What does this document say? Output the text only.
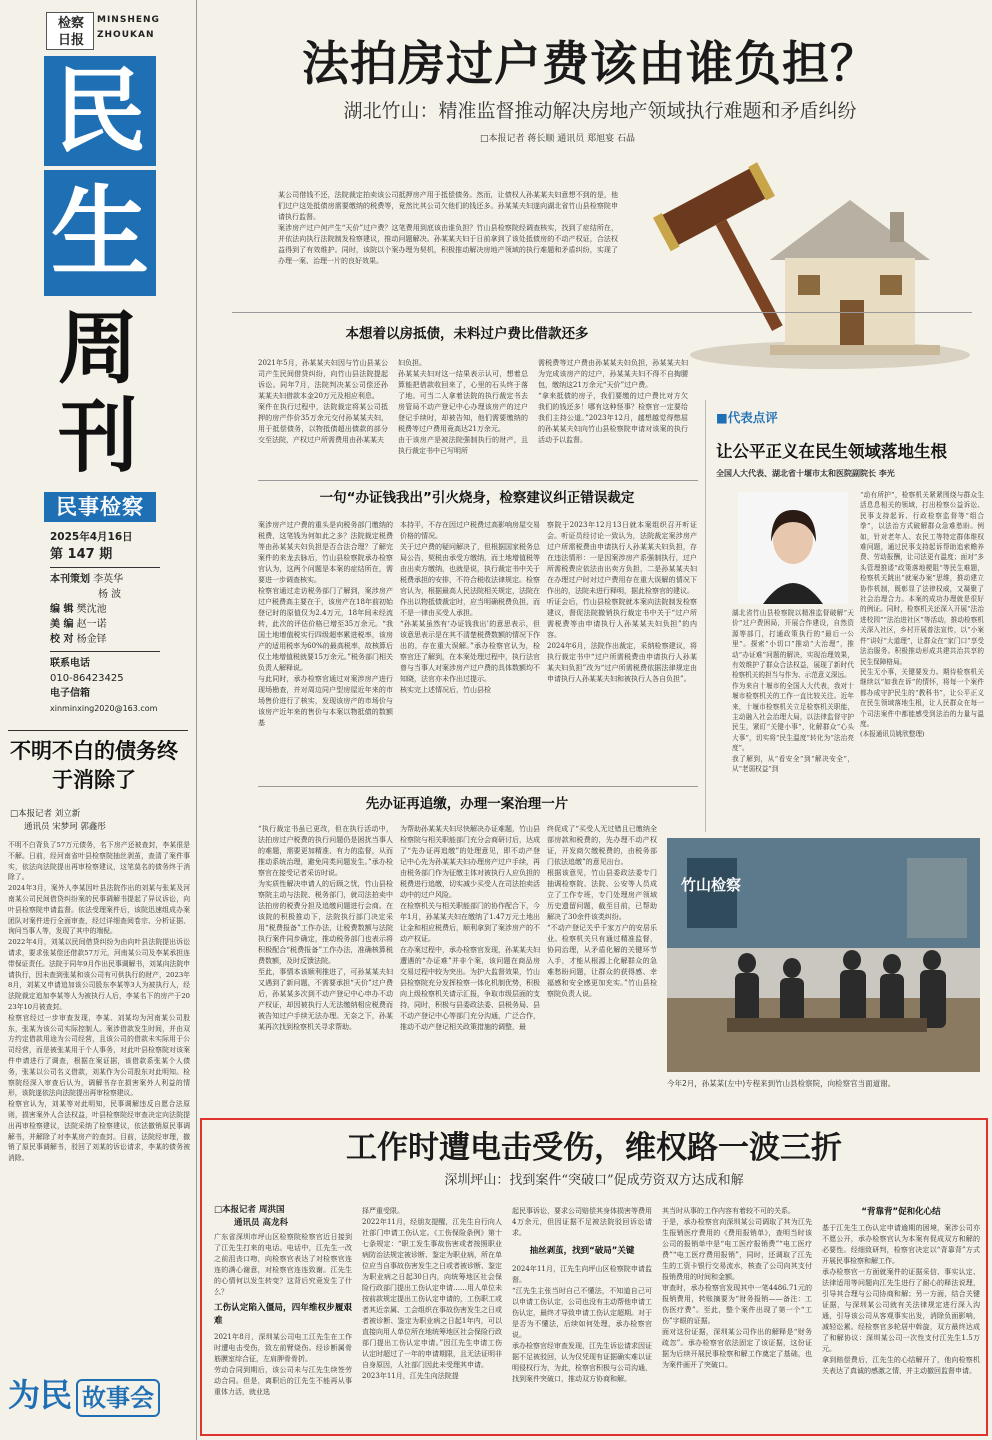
检察日报
MINSHENG
ZHOUKAN
民
生
周
刊
民事检察
2025年4月16日
第 147 期
本刊策划 李英华
杨 波
编 辑 樊沈池
美 编 赵一诺
校 对 杨金铎
联系电话
010-86423425
电子信箱
xinminxing2020@163.com
不明不白的债务终于消除了
□本报记者 刘立新
通讯员 宋梦珂 郭鑫彤
不明不白背负了57万元债务，名下房产还被查封，李某很是不解。日前，经河南省叶县检察院抽丝剥茧，查清了案件事实，依法向法院提出再审检察建议，这笔莫名的债务终于消除了。
2024年3月，案外人李某因叶县法院作出的刘某与张某及河南某公司民间借贷纠纷案的民事调解书提起了异议诉讼，向叶县检察院申请监督。依法受理案件后，该院迅速组成办案团队对案件进行全面审查，经过详细查阅卷宗、分析证据、询问当事人等，发现了其中的端倪。
2022年4月，刘某以民间借贷纠纷为由向叶县法院提出诉讼请求，要求张某偿还借款57万元，河南某公司及李某承担连带保证责任。法院于同年9月作出民事调解书，刘某向法院申请执行，因未查到张某和该公司有可供执行的财产，2023年8月，刘某又申请追加该公司股东李某等3人为被执行人，经法院裁定追加李某等人为被执行人后，李某名下的房产于2023年10月被查封。
检察官经过一步审查发现，李某、刘某均为河南某公司股东，张某为该公司实际控制人。案涉借款发生时间，并由双方约定借款用途为公司经营，且该公司的借款未实际用于公司经营，而是被张某用于个人事务，对此叶县检察院对该案件申请进行了调查，根据在案证据，该借款系张某个人债务，张某以公司名义借款，刘某作为公司股东对此明知。检察院经深入审查后认为，调解书存在损害案外人利益的情形，该院遂依法向法院提出再审检察建议。
检察官认为，刘某等对此明知，民事调解违反自愿合法原则，损害案外人合法权益，叶县检察院经审查决定向法院提出再审检察建议，法院采纳了检察建议，依法撤销原民事调解书，并解除了对李某房产的查封。目前，法院经审理，撤销了原民事调解书，驳回了刘某的诉讼请求，李某的债务被消除。
为民 故事会
法拍房过户费该由谁负担？
湖北竹山：精准监督推动解决房地产领域执行难题和矛盾纠纷
□本报记者 蒋长顺 通讯员 郑旭宴 石晶
某公司借钱不还，法院裁定拍卖该公司抵押房产用于抵偿债务。然而，让债权人孙某某夫妇意想不到的是，他们过户这处抵债房需要缴纳的税费等，竟然比其公司欠他们的钱还多。孙某某夫妇遂向湖北省竹山县检察院申请执行监督。
案涉房产过户何产生“天价”过户费？这笔费用到底该由谁负担？竹山县检察院经调查核实，找到了症结所在，并依法向执行法院制发检察建议，推动问题解决。孙某某夫妇于日前拿到了该处抵债房的不动产权证，合法权益得到了有效维护。同时，该院以个案办理为契机，积极推动解决房地产领域的执行难题和矛盾纠纷，实现了办理一案、治理一片的良好效果。
本想着以房抵债，未料过户费比借款还多
2021年5月，孙某某夫妇因与竹山县某公司产生民间借贷纠纷，向竹山县法院提起诉讼。同年7月，法院判决某公司偿还孙某某夫妇借款本金20万元及相应利息。
案件在执行过程中，法院裁定将某公司抵押的房产作价35万余元交付孙某某夫妇，用于抵偿债务，以物抵债超出债款的部分交至法院，产权过户所需费用由孙某某夫
妇负担。
孙某某夫妇对这一结果表示认可，想着总算能把借款收回来了，心里的石头终于落了地。可当二人拿着法院的执行裁定书去房管局不动产登记中心办理该房产的过户登记手续时，却被告知，他们需要缴纳的税费等过户费用竟高达21万余元。
由于该房产是被法院强制执行的财产，且执行裁定书中已写明所
需税费等过户费由孙某某夫妇负担，孙某某夫妇为完成该房产的过户，孙某某夫妇不得不自掏腰包，缴纳这21万余元“天价”过户费。
“拿来抵债的房子，我们要缴的过户费比对方欠我们的钱还多！哪有这种怪事？检察官一定要给我们主持公道。”2023年12月，越想越觉得憋屈的孙某某夫妇向竹山县检察院申请对该案的执行活动予以监督。
一句“办证钱我出”引火烧身，检察建议纠正错误裁定
案涉房产过户费的重头是向税务部门缴纳的税费，这笔钱为何如此之多？法院裁定税费等由孙某某夫妇负担是否合法合理？了解完案件的来龙去脉后，竹山县检察院承办检察官认为，这两个问题是本案的症结所在，需要进一步调查核实。
检察官通过走访税务部门了解到，案涉房产过户税费高主要在于，该房产在18年前初始登记时的原值仅为2.4万元，18年间未经流转，此次的评估价格已增至35万余元。“我国土地增值税实行四级超率累进税率，该房产的适用税率为60%的最高税率，故核算后仅土地增值税就要15万余元。”税务部门相关负责人解释说。
与此同时，承办检察官通过对案涉房产进行现场勘查，并对周边同户型房屋近年来的市场售价进行了核实，发现该房产的市场价与该房产近年来的售价与本案以物抵债的数额基
本持平，不存在因过户税费过高影响房屋交易价格的情况。
关于过户费的疑问解决了，但根据国家税务总局公告，契税由承受方缴纳，而土地增值税等由出卖方缴纳，也就是说，执行裁定书中关于税费承担的安排，不符合税收法律规定。检察官认为，根据最高人民法院相关规定，法院在作出以物抵债裁定时，应当明确税费负担，而不是一律由买受人承担。
“孙某某虽然有‘办证钱我出’的意思表示，但该意思表示是在其不清楚税费数额的情况下作出的，存在重大误解。”承办检察官认为，检察官还了解到，在本案处理过程中，执行法官曾与当事人对案涉房产过户费的具体数额均不知晓，法官亦未作出过提示。
核实完上述情况后，竹山县检
察院于2023年12月13日就本案组织召开听证会。听证员经讨论一致认为，法院裁定案涉房产过户所需税费由申请执行人孙某某夫妇负担，存在违法情形：一是因案涉房产系强制执行，过户所需税费应依法由出卖方负担，二是孙某某夫妇在办理过户时对过户费用存在重大误解的情况下作出的，法院未进行释明，据此检察官的建议。
听证会后，竹山县检察院就本案向法院制发检察建议，督促法院撤销执行裁定书中关于“过户所需税费等由申请执行人孙某某夫妇负担”的内容。
2024年6月，法院作出裁定，采纳检察建议，将执行裁定书中“过户所需税费由申请执行人孙某某夫妇负担”改为“过户所需税费依据法律规定由申请执行人孙某某夫妇和被执行人各自负担”。
先办证再追缴，办理一案治理一片
“执行裁定书虽已更改，但在执行活动中，法拍房过户税费的执行问题仍是困扰当事人的难题，需要更加精准、有力的监督，从而推动系统治理，避免同类问题发生。”承办检察官在接受记者采访时说。
为实质性解决申请人的后顾之忧，竹山县检察院主动与法院、税务部门，就司法拍卖中法拍房的税费分担及追缴问题进行会商。在该院的积极推动下，法院执行部门决定采用“税费报备”工作办法，让税费数额与法院执行案件同步确定，推动税务部门也表示将积极配合“税费报备”工作办法，准确核算税费数额，及时反馈法院。
至此，事情本该顺利推进了，可孙某某夫妇又遇到了新问题，不需要承担“天价”过户费后，孙某某多次到不动产登记中心申办不动产权证，却因被执行人无法缴纳相应税费而被告知过户手续无法办理。无奈之下，孙某某再次找到检察机关寻求帮助。
为帮助孙某某夫妇尽快解决办证难题，竹山县检察院与相关职能部门充分会商研讨后，达成了“先办证再追缴”的处理意见，即不动产登记中心先为孙某某夫妇办理房产过户手续，再由税务部门作为征缴主体对被执行人应负担的税费进行追缴，切实减少买受人在司法拍卖活动中的过户风险。
在检察机关与相关职能部门的协作配合下，今年1月，孙某某夫妇在缴纳了1.47万元土地出让金和相应税费后，顺利拿到了案涉房产的不动产权证。
在办案过程中，承办检察官发现，孙某某夫妇遭遇的“办证难”并非个案，该问题在商品房交易过程中较为突出。为护大监督效果，竹山县检察院充分发挥检察一体化机制优势，积极向上级检察机关请示汇报，争取市级层面的支持，同时，积极与县委政法委、县税务局、县不动产登记中心等部门充分沟通，广泛合作，推动不动产登记相关政策措施的调整，最
终促成了“买受人无过错且已缴纳全部房款和税费的，先办理不动产权证，开发商欠缴税费的，由税务部门依法追缴”的意见出台。
根据该意见，竹山县委政法委专门抽调检察院、法院、公安等人员成立了工作专班，专门处理房产领域历史遗留问题，截至目前，已帮助解决了30余件该类纠纷。
“不动产登记关乎千家万户的安居乐业。检察机关只有通过精准监督，协同治理，从矛盾化解的关键环节入手，才能从根源上化解群众的急难愁盼问题，让群众的获得感、幸福感和安全感更加充实。”竹山县检察院负责人说。
竹山检察
今年2月，孙某某(左中)专程来到竹山县检察院，向检察官当面道谢。
■代表点评
让公平正义在民生领域落地生根
全国人大代表、湖北省十堰市太和医院副院长 李光
湖北省竹山县检察院以精准监督破解“天价”过户费困局，开展合作建设，自然资源等部门，打通政策执行的“最后一公里”。探索“小切口”推动“大治理”，推动“办证难”问题的解决，实现治理效果，有效维护了群众合法权益，展现了新时代检察机关的担当与作为、示范意义深远。
作为来自十堰市的全国人大代表，我对十堰市检察机关的工作一直比较关注。近年来，十堰市检察机关立足检察机关职能，主动融入社会治理大局，以法律监督守护民生，紧盯“关键小事”，化解群众“心头大事”，切实将“民生温度”转化为“法治亮度”。
我了解到，从“看安全”到“解决安全”，从“老弱权益”到
“动有所护”，检察机关紧紧围绕与群众生活息息相关的领域，打出检察公益诉讼、民事支持起诉、行政检察监督等“组合拳”，以法治方式破解群众急难愁盼。例如，针对老年人、农民工等特定群体维权难问题，通过民事支持起诉帮助追索赡养费、劳动报酬，让司法更有温度；面对“多头管理推诿”政策落地梗阻“等民生难题，检察机关跳出“就案办案”思维，推动建立协作机制，既彰显了法律权威，又凝聚了社会治理合力。本案的成功办理就是很好的例证。同时，检察机关还深入开展“法治进校园”“法治进社区”等活动，推动检察机关深入社区，乡村开展普法宣传，以“小案件”讲好“大道理”，让群众在“家门口”享受法治服务。积极推动形成共建共治共享的民生保障格局。
民生无小事，关键要发力。期待检察机关继续以“如我在诉”的情怀，将每一个案件都办成守护民生的“教科书”，让公平正义在民生领域落地生根，让人民群众在每一个司法案件中都能感受到法治的力量与温度。
(本报通讯员姚欣整理)
工作时遭电击受伤，维权路一波三折
深圳坪山：找到案件“突破口”促成劳资双方达成和解
□本报记者 周洪国
通讯员 高龙科
广东省深圳市坪山区检察院检察官近日接到了江先生打来的电话。电话中，江先生一改之前沮丧口吻，向检察官表达了对检察官连连的满心谢意，对检察官连连致谢。江先生的心情何以发生转变？这背后究竟发生了什么？
工伤认定陷入僵局，四年维权步履艰难
2021年8月，深圳某公司电工江先生在工作时遭电击受伤，致左前臂烧伤。经诊断属骨筋膜室综合征，左肩胛骨骨折。
劳动合同到期后，该公司未与江先生续签劳动合同。但是，离职后的江先生不能再从事重体力活，就业选
择严重受限。
2022年11月，经朋友提醒，江先生自行向人社部门申请工伤认定。《工伤保险条例》第十七条规定：“职工发生事故伤害或者按照职业病防治法规定被诊断、鉴定为职业病，所在单位应当自事故伤害发生之日或者被诊断、鉴定为职业病之日起30日内，向统筹地区社会保险行政部门提出工伤认定申请……用人单位未按前款规定提出工伤认定申请的，工伤职工或者其近亲属、工会组织在事故伤害发生之日或者被诊断、鉴定为职业病之日起1年内，可以直接向用人单位所在地统筹地区社会保险行政部门提出工伤认定申请。”因江先生申请工伤认定时超过了一年的申请期限，且无法证明非自身原因，人社部门因此未受理其申请。
2023年11月，江先生向法院提
起民事诉讼，要求公司赔偿其身体损害等费用4万余元，但因证据不足被法院驳回诉讼请求。
抽丝剥茧，找到“破局”关键
2024年11月，江先生向坪山区检察院申请监督。
“江先生主张当时自己不懂法，不知道自己可以申请工伤认定，公司也没有主动帮他申请工伤认定，最终才导致申请工伤认定超期。对于是否为不懂法，后续如何处理，承办检察官说。
承办检察官经审查发现，江先生诉讼请求因证据不足被驳回，认为仅凭现有证据确实难以证明侵权行为，为此，检察官积极与公司沟通，找到案件突破口，推动双方协商和解。
其当时从事的工作内容有着较不可的关系。
于是，承办检察官向深圳某公司调取了其为江先生报销医疗费用的《费用报销单》，查明当时该公司的报销单中是“电工医疗报销费”“电工医疗费”“电工医疗费用报销”，同时，还调取了江先生的工资卡银行交易流水，核查了公司向其支付报销费用的时间和金额。
审查时，承办检察官发现其中一笔4486.71元的报销费用，转账摘要为“财务报销——备注：工伤医疗费”。至此，整个案件出现了第一个“工伤”字眼的证据。
面对这份证据，深圳某公司作出的解释是“财务疏忽”。承办检察官依法固定了该证据，这份证据为后续开展民事检察和解工作奠定了基础，也为案件画开了突破口。
“背靠背”促和化心结
基于江先生工伤认定申请逾期的困境，案涉公司亦不愿公开，承办检察官认为本案有促成双方和解的必要性。经细致研判，检察官决定以“背靠背”方式开展民事检察和解工作。
承办检察官一方面就案件的证据采信、事实认定、法律适用等问题向江先生进行了耐心的释法说理，引导其合理与公司协商和解；另一方面，结合关键证据，与深圳某公司就有关法律规定进行深入沟通，引导该公司从客观事实出发，消除负面影响，减轻讼累。经检察官多轮居中斡旋，双方最终达成了和解协议：深圳某公司一次性支付江先生1.5万元。
拿到赔偿费后，江先生的心结解开了，他向检察机关表达了真诚的感激之情，并主动撤回监督申请。
